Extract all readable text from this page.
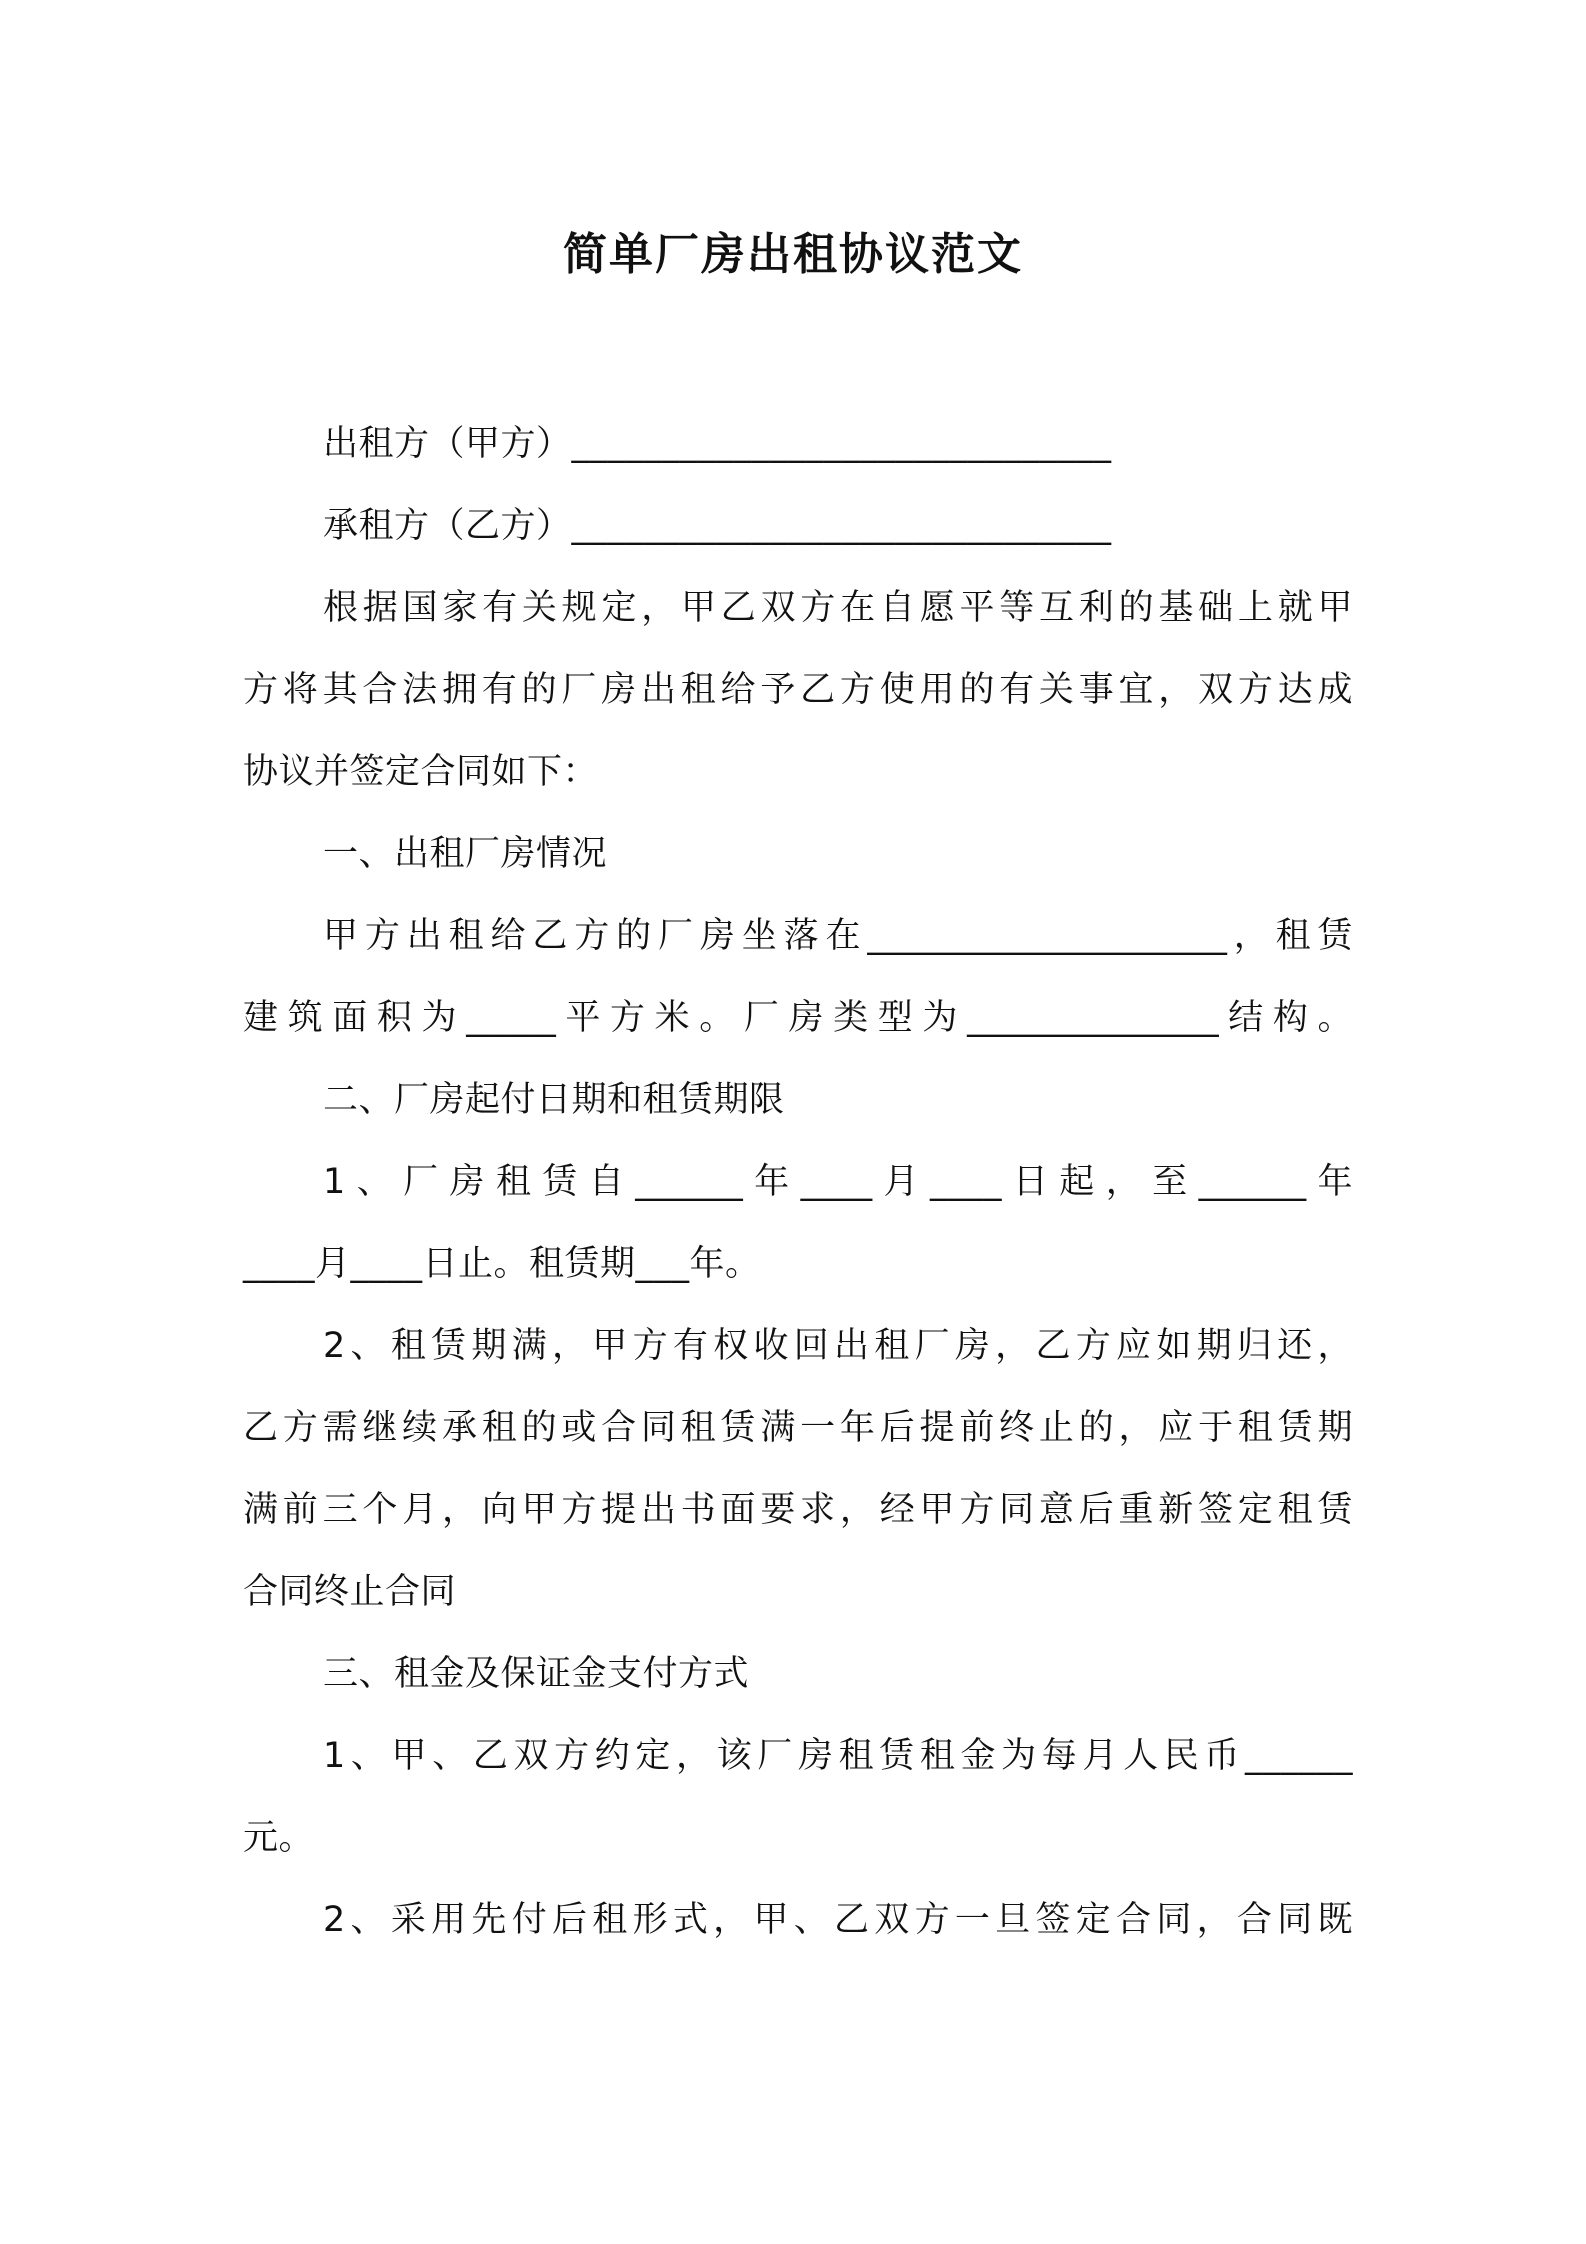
简单厂房出租协议范文
出租方（甲方）______________________________
承租方（乙方）______________________________
根据国家有关规定，甲乙双方在自愿平等互利的基础上就甲
方将其合法拥有的厂房出租给予乙方使用的有关事宜，双方达成
协议并签定合同如下：
一、出租厂房情况
甲方出租给乙方的厂房坐落在____________________，租赁
建筑面积为_____平方米。厂房类型为______________结构。
二、厂房起付日期和租赁期限
1、厂房租赁自______年____月____日起，至______年
____月____日止。租赁期___年。
2、租赁期满，甲方有权收回出租厂房，乙方应如期归还，
乙方需继续承租的或合同租赁满一年后提前终止的，应于租赁期
满前三个月，向甲方提出书面要求，经甲方同意后重新签定租赁
合同终止合同
三、租金及保证金支付方式
1、甲、乙双方约定，该厂房租赁租金为每月人民币______
元。
2、采用先付后租形式，甲、乙双方一旦签定合同，合同既
